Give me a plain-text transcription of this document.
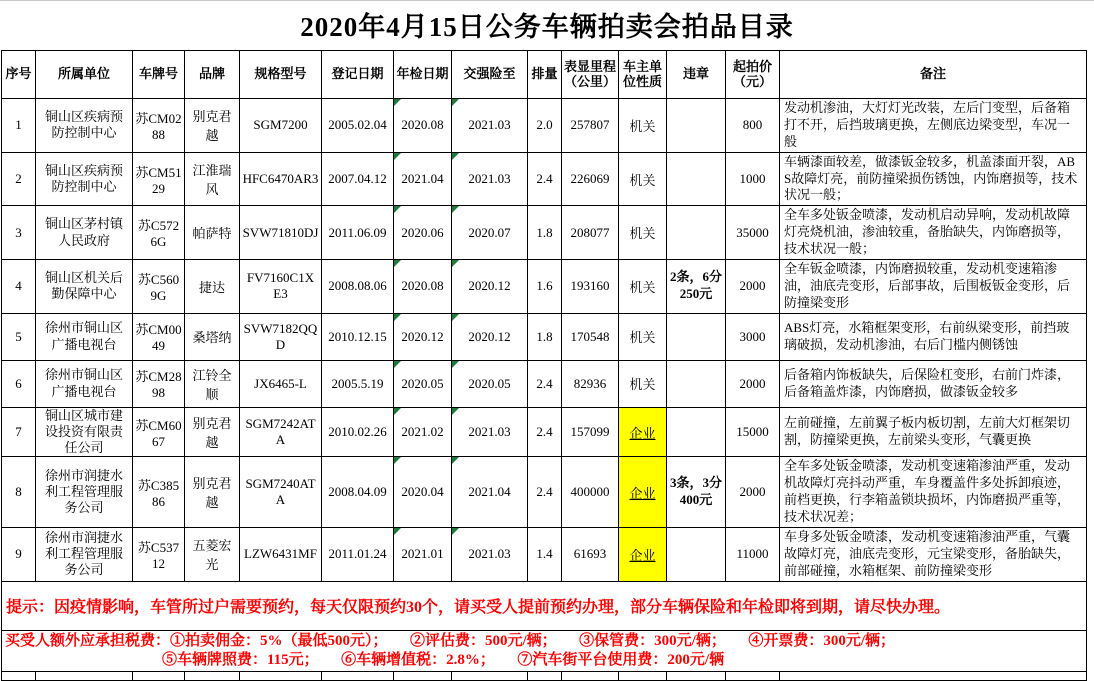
2020年4月15日公务车辆拍卖会拍品目录
序号	所属单位	车牌号	品牌	规格型号	登记日期	年检日期	交强险至	排量	表显里程（公里）	车主单位性质	违章	起拍价（元）	备注
1	铜山区疾病预防控制中心	苏CM0288	别克君越	SGM7200	2005.02.04	2020.08	2021.03	2.0	257807	机关		800	发动机渗油，大灯灯光改装，左后门变型，后备箱打不开，后挡玻璃更换，左侧底边梁变型，车况一般
2	铜山区疾病预防控制中心	苏CM5129	江淮瑞风	HFC6470AR3	2007.04.12	2021.04	2021.03	2.4	226069	机关		1000	车辆漆面较差，做漆钣金较多，机盖漆面开裂，ABS故障灯亮，前防撞梁损伤锈蚀，内饰磨损等，技术状况一般；
3	铜山区茅村镇人民政府	苏C5726G	帕萨特	SVW71810DJ	2011.06.09	2020.06	2020.07	1.8	208077	机关		35000	全车多处钣金喷漆，发动机启动异响，发动机故障灯亮烧机油，渗油较重，备胎缺失，内饰磨损等，技术状况一般；
4	铜山区机关后勤保障中心	苏C5609G	捷达	FV7160C1X E3	2008.08.06	2020.08	2020.12	1.6	193160	机关	2条，6分250元	2000	全车钣金喷漆，内饰磨损较重，发动机变速箱渗油，油底壳变形，后部事故，后围板钣金变形，后防撞梁变形
5	徐州市铜山区广播电视台	苏CM0049	桑塔纳	SVW7182QQD	2010.12.15	2020.12	2020.12	1.8	170548	机关		3000	ABS灯亮，水箱框架变形，右前纵梁变形，前挡玻璃破损，发动机渗油，右后门槛内侧锈蚀
6	徐州市铜山区广播电视台	苏CM2898	江铃全顺	JX6465-L	2005.5.19	2020.05	2020.05	2.4	82936	机关		2000	后备箱内饰板缺失，后保险杠变形，右前门炸漆，后备箱盖炸漆，内饰磨损，做漆钣金较多
7	铜山区城市建设投资有限责任公司	苏CM6067	别克君越	SGM7242ATA	2010.02.26	2021.02	2021.03	2.4	157099	企业		15000	左前碰撞，左前翼子板内板切割，左前大灯框架切割，防撞梁更换，左前梁头变形，气囊更换
8	徐州市润捷水利工程管理服务公司	苏C38586	别克君越	SGM7240ATA	2008.04.09	2020.04	2021.04	2.4	400000	企业	3条，3分400元	2000	全车多处钣金喷漆，发动机变速箱渗油严重，发动机故障灯亮抖动严重，车身覆盖件多处拆卸痕迹，前档更换，行李箱盖锁块损坏，内饰磨损严重等，技术状况差；
9	徐州市润捷水利工程管理服务公司	苏C53712	五菱宏光	LZW6431MF	2011.01.24	2021.01	2021.03	1.4	61693	企业		11000	车身多处钣金喷漆，发动机变速箱渗油严重，气囊故障灯亮，油底壳变形，元宝梁变形，备胎缺失，前部碰撞，水箱框架、前防撞梁变形
提示：因疫情影响，车管所过户需要预约，每天仅限预约30个，请买受人提前预约办理，部分车辆保险和年检即将到期，请尽快办理。													

买受人额外应承担税费：①拍卖佣金：5%（最低500元）；　　②评估费：500元/辆；　　③保管费：300元/辆；　　④开票费：300元/辆；
⑤车辆牌照费：115元；　　⑥车辆增值税：2.8%；　　⑦汽车街平台使用费：200元/辆													
